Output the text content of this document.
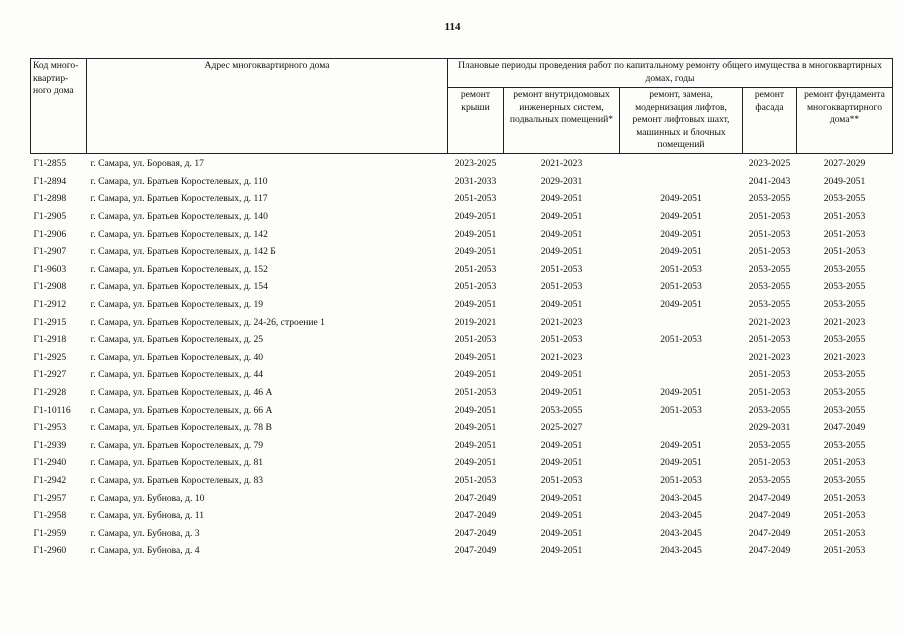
114
Код много-квартир-ного дома	Адрес многоквартирного дома	Плановые периоды проведения работ по капитальному ремонту общего имущества в многоквартирных домах, годы				
		ремонт крыши	ремонт внутридомовых инженерных систем, подвальных помещений*	ремонт, замена, модернизация лифтов, ремонт лифтовых шахт, машинных и блочных помещений	ремонт фасада	ремонт фундамента многоквартирного дома**
Г1-2855	г. Самара, ул. Боровая, д. 17	2023-2025	2021-2023		2023-2025	2027-2029
Г1-2894	г. Самара, ул. Братьев Коростелевых, д. 110	2031-2033	2029-2031		2041-2043	2049-2051
Г1-2898	г. Самара, ул. Братьев Коростелевых, д. 117	2051-2053	2049-2051	2049-2051	2053-2055	2053-2055
Г1-2905	г. Самара, ул. Братьев Коростелевых, д. 140	2049-2051	2049-2051	2049-2051	2051-2053	2051-2053
Г1-2906	г. Самара, ул. Братьев Коростелевых, д. 142	2049-2051	2049-2051	2049-2051	2051-2053	2051-2053
Г1-2907	г. Самара, ул. Братьев Коростелевых, д. 142 Б	2049-2051	2049-2051	2049-2051	2051-2053	2051-2053
Г1-9603	г. Самара, ул. Братьев Коростелевых, д. 152	2051-2053	2051-2053	2051-2053	2053-2055	2053-2055
Г1-2908	г. Самара, ул. Братьев Коростелевых, д. 154	2051-2053	2051-2053	2051-2053	2053-2055	2053-2055
Г1-2912	г. Самара, ул. Братьев Коростелевых, д. 19	2049-2051	2049-2051	2049-2051	2053-2055	2053-2055
Г1-2915	г. Самара, ул. Братьев Коростелевых, д. 24-26, строение 1	2019-2021	2021-2023		2021-2023	2021-2023
Г1-2918	г. Самара, ул. Братьев Коростелевых, д. 25	2051-2053	2051-2053	2051-2053	2051-2053	2053-2055
Г1-2925	г. Самара, ул. Братьев Коростелевых, д. 40	2049-2051	2021-2023		2021-2023	2021-2023
Г1-2927	г. Самара, ул. Братьев Коростелевых, д. 44	2049-2051	2049-2051		2051-2053	2053-2055
Г1-2928	г. Самара, ул. Братьев Коростелевых, д. 46 А	2051-2053	2049-2051	2049-2051	2051-2053	2053-2055
Г1-10116	г. Самара, ул. Братьев Коростелевых, д. 66 А	2049-2051	2053-2055	2051-2053	2053-2055	2053-2055
Г1-2953	г. Самара, ул. Братьев Коростелевых, д. 78 В	2049-2051	2025-2027		2029-2031	2047-2049
Г1-2939	г. Самара, ул. Братьев Коростелевых, д. 79	2049-2051	2049-2051	2049-2051	2053-2055	2053-2055
Г1-2940	г. Самара, ул. Братьев Коростелевых, д. 81	2049-2051	2049-2051	2049-2051	2051-2053	2051-2053
Г1-2942	г. Самара, ул. Братьев Коростелевых, д. 83	2051-2053	2051-2053	2051-2053	2053-2055	2053-2055
Г1-2957	г. Самара, ул. Бубнова, д. 10	2047-2049	2049-2051	2043-2045	2047-2049	2051-2053
Г1-2958	г. Самара, ул. Бубнова, д. 11	2047-2049	2049-2051	2043-2045	2047-2049	2051-2053
Г1-2959	г. Самара, ул. Бубнова, д. 3	2047-2049	2049-2051	2043-2045	2047-2049	2051-2053
Г1-2960	г. Самара, ул. Бубнова, д. 4	2047-2049	2049-2051	2043-2045	2047-2049	2051-2053
